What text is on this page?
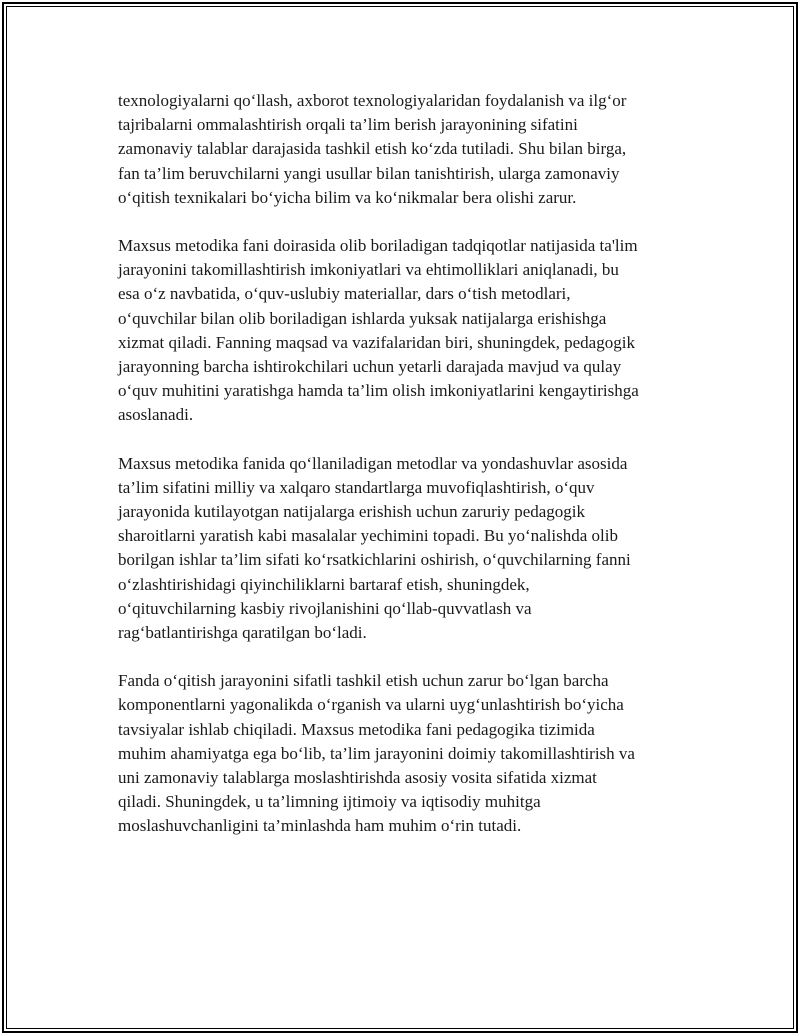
texnologiyalarni qo‘llash, axborot texnologiyalaridan foydalanish va ilg‘or
tajribalarni ommalashtirish orqali ta’lim berish jarayonining sifatini
zamonaviy talablar darajasida tashkil etish ko‘zda tutiladi. Shu bilan birga,
fan ta’lim beruvchilarni yangi usullar bilan tanishtirish, ularga zamonaviy
o‘qitish texnikalari bo‘yicha bilim va ko‘nikmalar bera olishi zarur.

Maxsus metodika fani doirasida olib boriladigan tadqiqotlar natijasida ta'lim
jarayonini takomillashtirish imkoniyatlari va ehtimolliklari aniqlanadi, bu
esa o‘z navbatida, o‘quv-uslubiy materiallar, dars o‘tish metodlari,
o‘quvchilar bilan olib boriladigan ishlarda yuksak natijalarga erishishga
xizmat qiladi. Fanning maqsad va vazifalaridan biri, shuningdek, pedagogik
jarayonning barcha ishtirokchilari uchun yetarli darajada mavjud va qulay
o‘quv muhitini yaratishga hamda ta’lim olish imkoniyatlarini kengaytirishga
asoslanadi.

Maxsus metodika fanida qo‘llaniladigan metodlar va yondashuvlar asosida
ta’lim sifatini milliy va xalqaro standartlarga muvofiqlashtirish, o‘quv
jarayonida kutilayotgan natijalarga erishish uchun zaruriy pedagogik
sharoitlarni yaratish kabi masalalar yechimini topadi. Bu yo‘nalishda olib
borilgan ishlar ta’lim sifati ko‘rsatkichlarini oshirish, o‘quvchilarning fanni
o‘zlashtirishidagi qiyinchiliklarni bartaraf etish, shuningdek,
o‘qituvchilarning kasbiy rivojlanishini qo‘llab-quvvatlash va
rag‘batlantirishga qaratilgan bo‘ladi.

Fanda o‘qitish jarayonini sifatli tashkil etish uchun zarur bo‘lgan barcha
komponentlarni yagonalikda o‘rganish va ularni uyg‘unlashtirish bo‘yicha
tavsiyalar ishlab chiqiladi. Maxsus metodika fani pedagogika tizimida
muhim ahamiyatga ega bo‘lib, ta’lim jarayonini doimiy takomillashtirish va
uni zamonaviy talablarga moslashtirishda asosiy vosita sifatida xizmat
qiladi. Shuningdek, u ta’limning ijtimoiy va iqtisodiy muhitga
moslashuvchanligini ta’minlashda ham muhim o‘rin tutadi.
